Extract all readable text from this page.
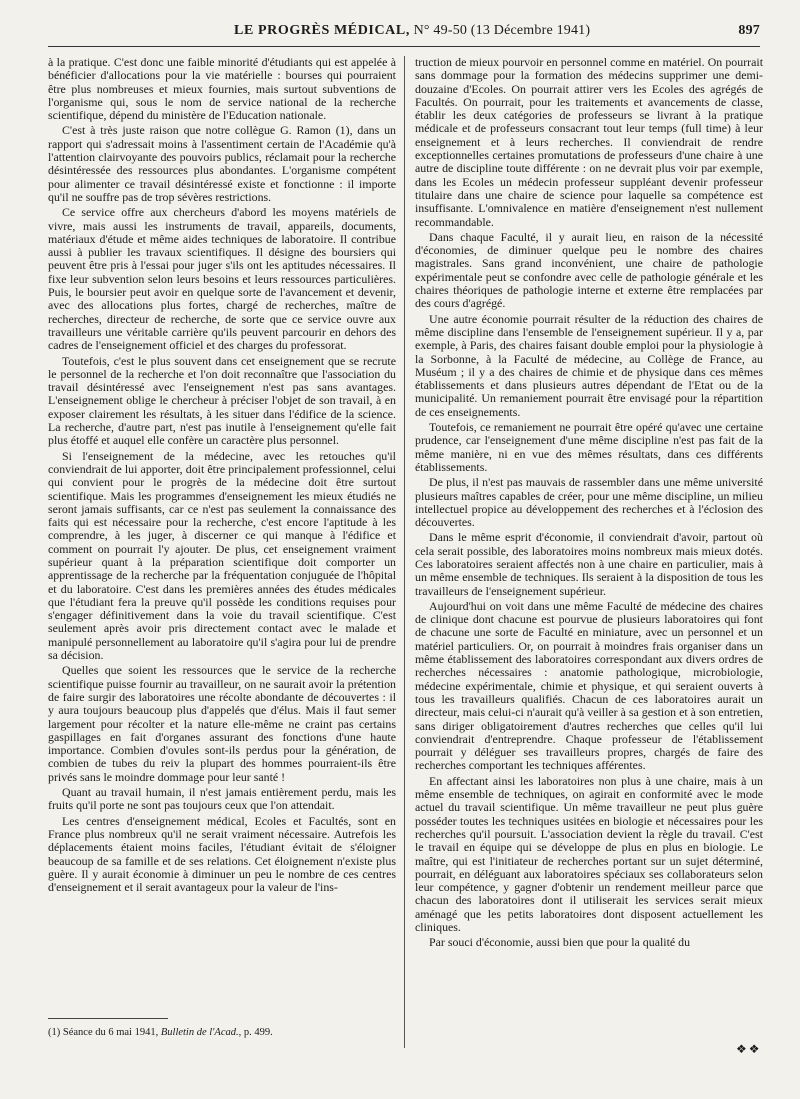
LE PROGRÈS MÉDICAL, N° 49-50 (13 Décembre 1941)	897

à la pratique. C'est donc une faible minorité d'étudiants qui est appelée à bénéficier d'allocations pour la vie matérielle : bourses qui pourraient être plus nombreuses et mieux fournies, mais surtout subventions de l'organisme qui, sous le nom de service national de la recherche scientifique, dépend du ministère de l'Education nationale.

C'est à très juste raison que notre collègue G. Ramon (1), dans un rapport qui s'adressait moins à l'assentiment certain de l'Académie qu'à l'attention clairvoyante des pouvoirs publics, réclamait pour la recherche désintéressée des ressources plus abondantes. L'organisme compétent pour alimenter ce travail désintéressé existe et fonctionne : il importe qu'il ne souffre pas de trop sévères restrictions.

Ce service offre aux chercheurs d'abord les moyens matériels de vivre, mais aussi les instruments de travail, appareils, documents, matériaux d'étude et même aides techniques de laboratoire. Il contribue aussi à publier les travaux scientifiques. Il désigne des boursiers qui peuvent être pris à l'essai pour juger s'ils ont les aptitudes nécessaires. Il fixe leur subvention selon leurs besoins et leurs ressources particulières. Puis, le boursier peut avoir en quelque sorte de l'avancement et devenir, avec des allocations plus fortes, chargé de recherches, maître de recherches, directeur de recherche, de sorte que ce service ouvre aux travailleurs une véritable carrière qu'ils peuvent parcourir en dehors des cadres de l'enseignement officiel et des charges du professorat.

Toutefois, c'est le plus souvent dans cet enseignement que se recrute le personnel de la recherche et l'on doit reconnaître que l'association du travail désintéressé avec l'enseignement n'est pas sans avantages. L'enseignement oblige le chercheur à préciser l'objet de son travail, à en exposer clairement les résultats, à les situer dans l'édifice de la science. La recherche, d'autre part, n'est pas inutile à l'enseignement qu'elle fait plus étoffé et auquel elle confère un caractère plus personnel.

Si l'enseignement de la médecine, avec les retouches qu'il conviendrait de lui apporter, doit être principalement professionnel, celui qui convient pour le progrès de la médecine doit être surtout scientifique. Mais les programmes d'enseignement les mieux étudiés ne seront jamais suffisants, car ce n'est pas seulement la connaissance des faits qui est nécessaire pour la recherche, c'est encore l'aptitude à les comprendre, à les juger, à discerner ce qui manque à l'édifice et comment on pourrait l'y ajouter. De plus, cet enseignement vraiment supérieur quant à la préparation scientifique doit comporter un apprentissage de la recherche par la fréquentation conjuguée de l'hôpital et du laboratoire. C'est dans les premières années des études médicales que l'étudiant fera la preuve qu'il possède les conditions requises pour s'engager définitivement dans la voie du travail scientifique. C'est seulement après avoir pris directement contact avec le malade et manipulé personnellement au laboratoire qu'il s'agira pour lui de prendre sa décision.

Quelles que soient les ressources que le service de la recherche scientifique puisse fournir au travailleur, on ne saurait avoir la prétention de faire surgir des laboratoires une récolte abondante de découvertes : il y aura toujours beaucoup plus d'appelés que d'élus. Mais il faut semer largement pour récolter et la nature elle-même ne craint pas certains gaspillages en fait d'organes assurant des fonctions d'une haute importance. Combien d'ovules sont-ils perdus pour la génération, de combien de tubes du reiv la plupart des hommes pourraient-ils être privés sans le moindre dommage pour leur santé !

Quant au travail humain, il n'est jamais entièrement perdu, mais les fruits qu'il porte ne sont pas toujours ceux que l'on attendait.

Les centres d'enseignement médical, Ecoles et Facultés, sont en France plus nombreux qu'il ne serait vraiment nécessaire. Autrefois les déplacements étaient moins faciles, l'étudiant évitait de s'éloigner beaucoup de sa famille et de ses relations. Cet éloignement n'existe plus guère. Il y aurait économie à diminuer un peu le nombre de ces centres d'enseignement et il serait avantageux pour la valeur de l'ins-

truction de mieux pourvoir en personnel comme en matériel. On pourrait sans dommage pour la formation des médecins supprimer une demi-douzaine d'Ecoles. On pourrait attirer vers les Ecoles des agrégés de Facultés. On pourrait, pour les traitements et avancements de classe, établir les deux catégories de professeurs se livrant à la pratique médicale et de professeurs consacrant tout leur temps (full time) à leur enseignement et à leurs recherches. Il conviendrait de rendre exceptionnelles certaines promutations de professeurs d'une chaire à une autre de discipline toute différente : on ne devrait plus voir par exemple, dans les Ecoles un médecin professeur suppléant devenir professeur titulaire dans une chaire de science pour laquelle sa compétence est insuffisante. L'omnivalence en matière d'enseignement n'est nullement recommandable.

Dans chaque Faculté, il y aurait lieu, en raison de la nécessité d'économies, de diminuer quelque peu le nombre des chaires magistrales. Sans grand inconvénient, une chaire de pathologie expérimentale peut se confondre avec celle de pathologie générale et les chaires théoriques de pathologie interne et externe être remplacées par des cours d'agrégé.

Une autre économie pourrait résulter de la réduction des chaires de même discipline dans l'ensemble de l'enseignement supérieur. Il y a, par exemple, à Paris, des chaires faisant double emploi pour la physiologie à la Sorbonne, à la Faculté de médecine, au Collège de France, au Muséum ; il y a des chaires de chimie et de physique dans ces mêmes établissements et dans plusieurs autres dépendant de l'Etat ou de la municipalité. Un remaniement pourrait être envisagé pour la répartition de ces enseignements.

Toutefois, ce remaniement ne pourrait être opéré qu'avec une certaine prudence, car l'enseignement d'une même discipline n'est pas fait de la même manière, ni en vue des mêmes résultats, dans ces différents établissements.

De plus, il n'est pas mauvais de rassembler dans une même université plusieurs maîtres capables de créer, pour une même discipline, un milieu intellectuel propice au développement des recherches et à l'éclosion des découvertes.

Dans le même esprit d'économie, il conviendrait d'avoir, partout où cela serait possible, des laboratoires moins nombreux mais mieux dotés. Ces laboratoires seraient affectés non à une chaire en particulier, mais à un même ensemble de techniques. Ils seraient à la disposition de tous les travailleurs de l'enseignement supérieur.

Aujourd'hui on voit dans une même Faculté de médecine des chaires de clinique dont chacune est pourvue de plusieurs laboratoires qui font de chacune une sorte de Faculté en miniature, avec un personnel et un matériel particuliers. Or, on pourrait à moindres frais organiser dans un même établissement des laboratoires correspondant aux divers ordres de recherches nécessaires : anatomie pathologique, microbiologie, médecine expérimentale, chimie et physique, et qui seraient ouverts à tous les travailleurs qualifiés. Chacun de ces laboratoires aurait un directeur, mais celui-ci n'aurait qu'à veiller à sa gestion et à son entretien, sans diriger obligatoirement d'autres recherches que celles qu'il lui conviendrait d'entreprendre. Chaque professeur de l'établissement pourrait y déléguer ses travailleurs propres, chargés de faire des recherches comportant les techniques afférentes.

En affectant ainsi les laboratoires non plus à une chaire, mais à un même ensemble de techniques, on agirait en conformité avec le mode actuel du travail scientifique. Un même travailleur ne peut plus guère posséder toutes les techniques usitées en biologie et nécessaires pour les recherches qu'il poursuit. L'association devient la règle du travail. C'est le travail en équipe qui se développe de plus en plus en biologie. Le maître, qui est l'initiateur de recherches portant sur un sujet déterminé, pourrait, en déléguant aux laboratoires spéciaux ses collaborateurs selon leur compétence, y gagner d'obtenir un rendement meilleur parce que chacun des laboratoires dont il utiliserait les services serait mieux aménagé que les petits laboratoires dont disposent actuellement les cliniques.

Par souci d'économie, aussi bien que pour la qualité du

(1) Séance du 6 mai 1941, Bulletin de l'Acad., p. 499.
❖❖
